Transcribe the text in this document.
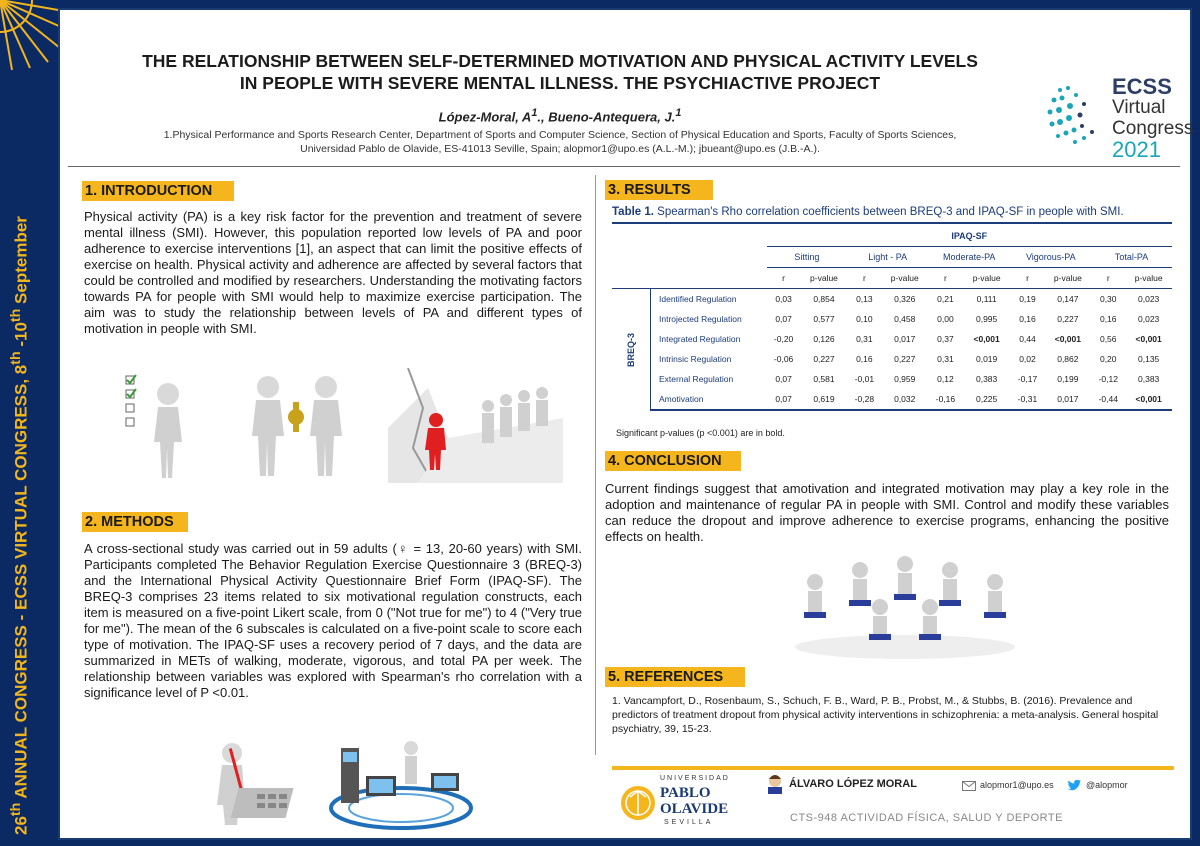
26th ANNUAL CONGRESS - ECSS VIRTUAL CONGRESS, 8th -10th September
THE RELATIONSHIP BETWEEN SELF-DETERMINED MOTIVATION AND PHYSICAL ACTIVITY LEVELS
IN PEOPLE WITH SEVERE MENTAL ILLNESS. THE PSYCHIACTIVE PROJECT
López-Moral, $A^1$., Bueno-Antequera, J.$^1$
1.Physical Performance and Sports Research Center, Department of Sports and Computer Science, Section of Physical Education and Sports, Faculty of Sports Sciences,
Universidad Pablo de Olavide, ES-41013 Seville, Spain; alopmor1@upo.es (A.L.-M.); jbueant@upo.es (J.B.-A.).
ECSS
Virtual
Congress
2021
1. INTRODUCTION
Physical activity (PA) is a key risk factor for the prevention and treatment of severe mental illness (SMI). However, this population reported low levels of PA and poor adherence to exercise interventions [1], an aspect that can limit the positive effects of exercise on health. Physical activity and adherence are affected by several factors that could be controlled and modified by researchers. Understanding the motivating factors towards PA for people with SMI would help to maximize exercise participation. The aim was to study the relationship between levels of PA and different types of motivation in people with SMI.
2. METHODS
A cross-sectional study was carried out in 59 adults (♀ = 13, 20-60 years) with SMI. Participants completed The Behavior Regulation Exercise Questionnaire 3 (BREQ-3) and the International Physical Activity Questionnaire Brief Form (IPAQ-SF). The BREQ-3 comprises 23 items related to six motivational regulation constructs, each item is measured on a five-point Likert scale, from 0 ("Not true for me") to 4 ("Very true for me"). The mean of the 6 subscales is calculated on a five-point scale to score each type of motivation. The IPAQ-SF uses a recovery period of 7 days, and the data are summarized in METs of walking, moderate, vigorous, and total PA per week. The relationship between variables was explored with Spearman's rho correlation with a significance level of P <0.01.
3. RESULTS
Table 1. Spearman's Rho correlation coefficients between BREQ-3 and IPAQ-SF in people with SMI.
		IPAQ-SF									
		Sitting		Light - PA		Moderate-PA		Vigorous-PA		Total-PA	
		r	p-value	r	p-value	r	p-value	r	p-value	r	p-value

BREQ-3	Identified Regulation	0,03	0,854	0,13	0,326	0,21	0,111	0,19	0,147	0,30	0,023
	Introjected Regulation	0,07	0,577	0,10	0,458	0,00	0,995	0,16	0,227	0,16	0,023
	Integrated Regulation	-0,20	0,126	0,31	0,017	0,37	<0,001	0,44	<0,001	0,56	<0,001
	Intrinsic Regulation	-0,06	0,227	0,16	0,227	0,31	0,019	0,02	0,862	0,20	0,135
	External Regulation	0,07	0,581	-0,01	0,959	0,12	0,383	-0,17	0,199	-0,12	0,383
	Amotivation	0,07	0,619	-0,28	0,032	-0,16	0,225	-0,31	0,017	-0,44	<0,001
Significant p-values (p <0.001) are in bold.
4. CONCLUSION
Current findings suggest that amotivation and integrated motivation may play a key role in the adoption and maintenance of regular PA in people with SMI. Control and modify these variables can reduce the dropout and improve adherence to exercise programs, enhancing the positive effects on health.
5. REFERENCES
1. Vancampfort, D., Rosenbaum, S., Schuch, F. B., Ward, P. B., Probst, M., & Stubbs, B. (2016). Prevalence and predictors of treatment dropout from physical activity interventions in schizophrenia: a meta-analysis. General hospital psychiatry, 39, 15-23.
UNIVERSIDAD
PABLO
OLAVIDE
SEVILLA
ÁLVARO LÓPEZ MORAL	alopmor1@upo.es	@alopmor
CTS-948 ACTIVIDAD FÍSICA, SALUD Y DEPORTE
